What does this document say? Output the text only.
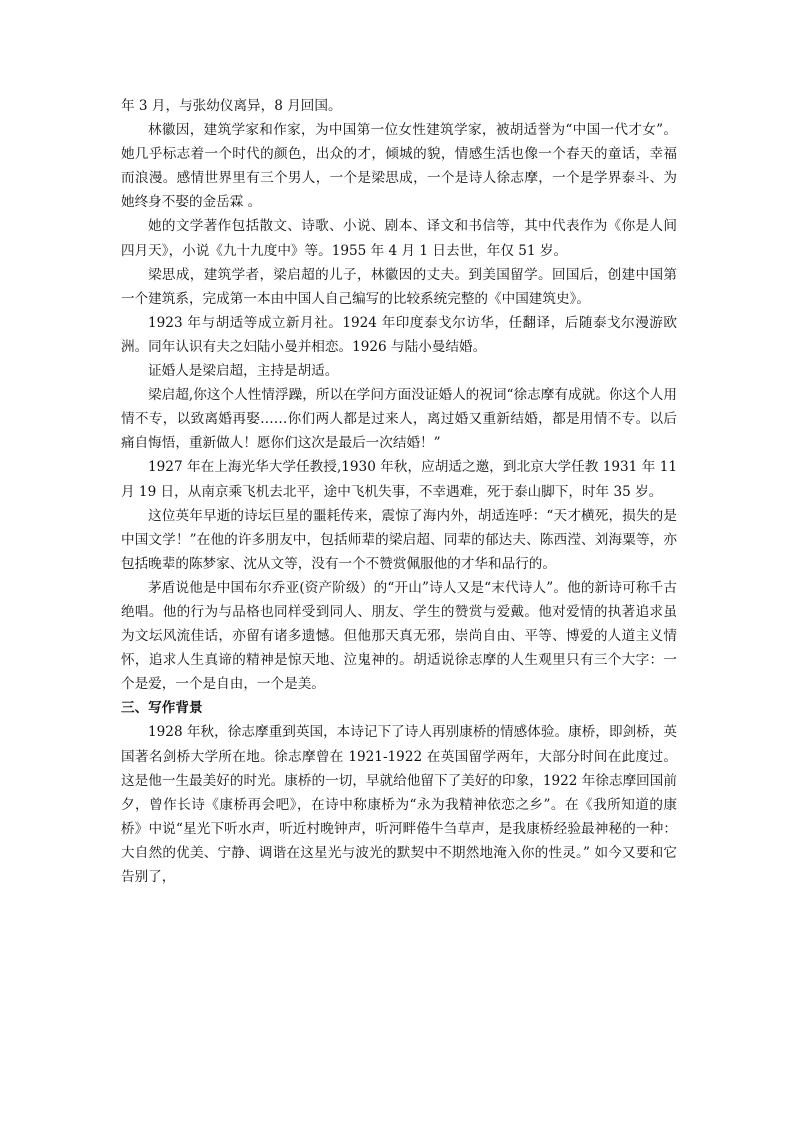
年 3 月，与张幼仪离异，8 月回国。

林徽因，建筑学家和作家，为中国第一位女性建筑学家，被胡适誉为“中国一代才女”。她几乎标志着一个时代的颜色，出众的才，倾城的貌，情感生活也像一个春天的童话，幸福而浪漫。感情世界里有三个男人，一个是梁思成，一个是诗人徐志摩，一个是学界泰斗、为她终身不娶的金岳霖 。

她的文学著作包括散文、诗歌、小说、剧本、译文和书信等，其中代表作为《你是人间四月天》，小说《九十九度中》等。1955 年 4 月 1 日去世，年仅 51 岁。

梁思成，建筑学者，梁启超的儿子，林徽因的丈夫。到美国留学。回国后，创建中国第一个建筑系，完成第一本由中国人自己编写的比较系统完整的《中国建筑史》。

1923 年与胡适等成立新月社。1924 年印度泰戈尔访华，任翻译，后随泰戈尔漫游欧洲。同年认识有夫之妇陆小曼并相恋。1926 与陆小曼结婚。

证婚人是梁启超，主持是胡适。

梁启超,你这个人性情浮躁，所以在学问方面没证婚人的祝词“徐志摩有成就。你这个人用情不专，以致离婚再娶……你们两人都是过来人，离过婚又重新结婚，都是用情不专。以后痛自悔悟，重新做人！愿你们这次是最后一次结婚！”

1927 年在上海光华大学任教授,1930 年秋，应胡适之邀，到北京大学任教 1931 年 11 月 19 日，从南京乘飞机去北平，途中飞机失事，不幸遇难，死于泰山脚下，时年 35 岁。

这位英年早逝的诗坛巨星的噩耗传来，震惊了海内外，胡适连呼：“天才横死，损失的是中国文学！”在他的许多朋友中，包括师辈的梁启超、同辈的郁达夫、陈西滢、刘海粟等，亦包括晚辈的陈梦家、沈从文等，没有一个不赞赏佩服他的才华和品行的。

茅盾说他是中国布尔乔亚(资产阶级）的“开山”诗人又是“末代诗人”。他的新诗可称千古绝唱。他的行为与品格也同样受到同人、朋友、学生的赞赏与爱戴。他对爱情的执著追求虽为文坛风流佳话，亦留有诸多遗憾。但他那天真无邪，崇尚自由、平等、博爱的人道主义情怀，追求人生真谛的精神是惊天地、泣鬼神的。胡适说徐志摩的人生观里只有三个大字：一个是爱，一个是自由，一个是美。

三、写作背景

1928 年秋，徐志摩重到英国，本诗记下了诗人再别康桥的情感体验。康桥，即剑桥，英国著名剑桥大学所在地。徐志摩曾在 1921-1922 在英国留学两年，大部分时间在此度过。这是他一生最美好的时光。康桥的一切，早就给他留下了美好的印象，1922 年徐志摩回国前夕，曾作长诗《康桥再会吧》，在诗中称康桥为“永为我精神依恋之乡”。在《我所知道的康桥》中说“星光下听水声，听近村晚钟声，听河畔倦牛刍草声，是我康桥经验最神秘的一种：大自然的优美、宁静、调谐在这星光与波光的默契中不期然地淹入你的性灵。” 如今又要和它告别了，
